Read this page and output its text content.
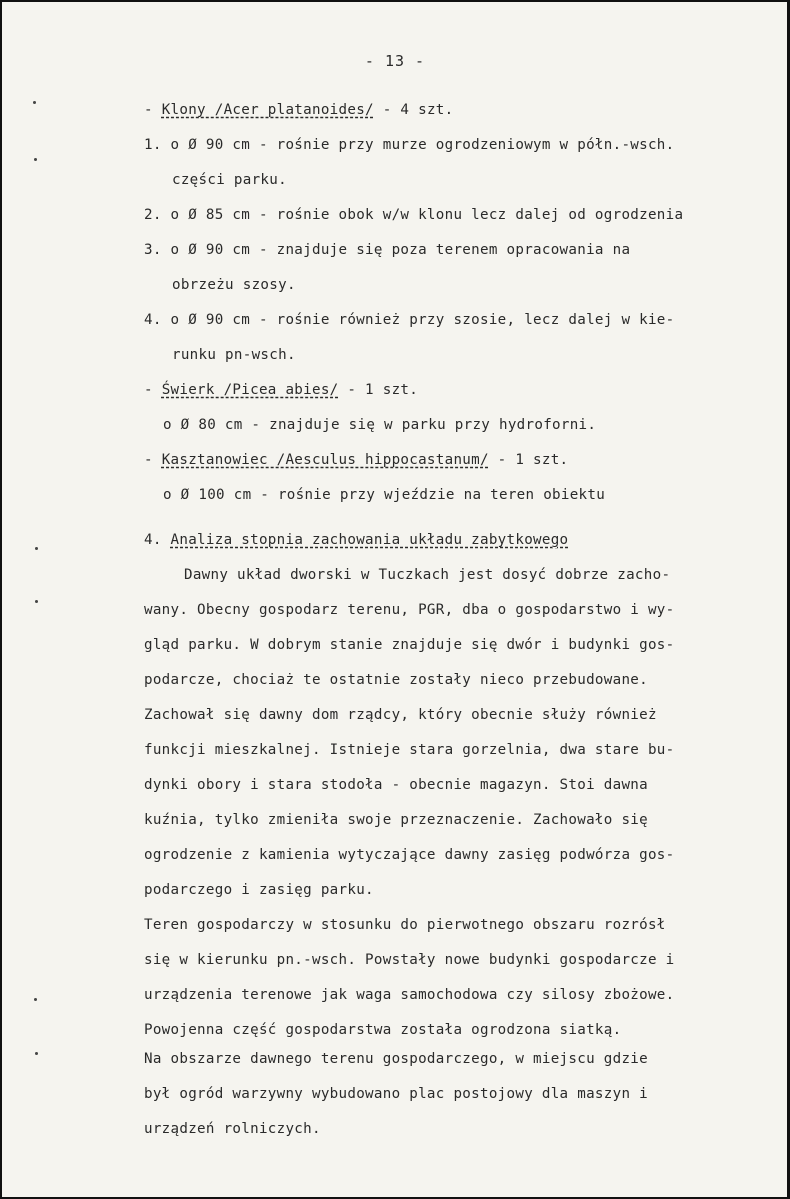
- 13 -
- Klony /Acer platanoides/ - 4 szt.
1. o Ø 90 cm - rośnie przy murze ogrodzeniowym w półn.-wsch.
części parku.
2. o Ø 85 cm - rośnie obok w/w klonu lecz dalej od ogrodzenia
3. o Ø 90 cm - znajduje się poza terenem opracowania na
obrzeżu szosy.
4. o Ø 90 cm - rośnie również przy szosie, lecz dalej w kie-
runku pn-wsch.
- Świerk /Picea abies/ - 1 szt.
o Ø 80 cm - znajduje się w parku przy hydroforni.
- Kasztanowiec /Aesculus hippocastanum/ - 1 szt.
o Ø 100 cm - rośnie przy wjeździe na teren obiektu
4. Analiza stopnia zachowania układu zabytkowego
Dawny układ dworski w Tuczkach jest dosyć dobrze zacho-
wany. Obecny gospodarz terenu, PGR, dba o gospodarstwo i wy-
gląd parku. W dobrym stanie znajduje się dwór i budynki gos-
podarcze, chociaż te ostatnie zostały nieco przebudowane.
Zachował się dawny dom rządcy, który obecnie służy również
funkcji mieszkalnej. Istnieje stara gorzelnia, dwa stare bu-
dynki obory i stara stodoła - obecnie magazyn. Stoi dawna
kuźnia, tylko zmieniła swoje przeznaczenie. Zachowało się
ogrodzenie z kamienia wytyczające dawny zasięg podwórza gos-
podarczego i zasięg parku.
Teren gospodarczy w stosunku do pierwotnego obszaru rozrósł
się w kierunku pn.-wsch. Powstały nowe budynki gospodarcze i
urządzenia terenowe jak waga samochodowa czy silosy zbożowe.
Powojenna część gospodarstwa została ogrodzona siatką.
Na obszarze dawnego terenu gospodarczego, w miejscu gdzie
był ogród warzywny wybudowano plac postojowy dla maszyn i
urządzeń rolniczych.
